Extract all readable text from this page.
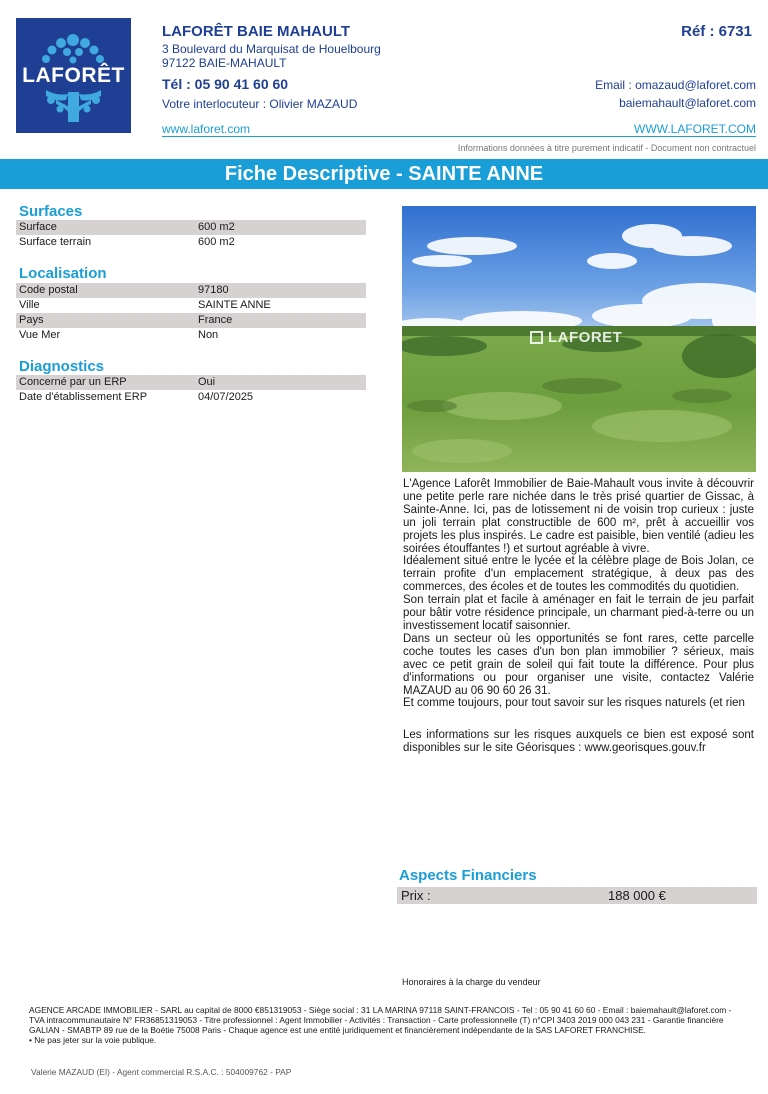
LAFORÊT
LAFORÊT BAIE MAHAULT	Réf : 6731
3 Boulevard du Marquisat de Houelbourg
97122 BAIE-MAHAULT
Tél : 05 90 41 60 60	Email : omazaud@laforet.com
Votre interlocuteur : Olivier MAZAUD	baiemahault@laforet.com
www.laforet.com	WWW.LAFORET.COM
Informations données à titre purement indicatif - Document non contractuel
Fiche Descriptive - SAINTE ANNE
Surfaces
Surface	600 m2
Surface terrain	600 m2
Localisation
Code postal	97180
Ville	SAINTE ANNE
Pays	France
Vue Mer	Non
Diagnostics
Concerné par un ERP	Oui
Date d'établissement ERP	04/07/2025
LAFORET

L'Agence Laforêt Immobilier de Baie-Mahault vous invite à découvrir une petite perle rare nichée dans le très prisé quartier de Gissac, à Sainte-Anne. Ici, pas de lotissement ni de voisin trop curieux : juste un joli terrain plat constructible de 600 m², prêt à accueillir vos projets les plus inspirés. Le cadre est paisible, bien ventilé (adieu les soirées étouffantes !) et surtout agréable à vivre.

Idéalement situé entre le lycée et la célèbre plage de Bois Jolan, ce terrain profite d'un emplacement stratégique, à deux pas des commerces, des écoles et de toutes les commodités du quotidien.

Son terrain plat et facile à aménager en fait le terrain de jeu parfait pour bâtir votre résidence principale, un charmant pied-à-terre ou un investissement locatif saisonnier.

Dans un secteur où les opportunités se font rares, cette parcelle coche toutes les cases d'un bon plan immobilier ? sérieux, mais avec ce petit grain de soleil qui fait toute la différence. Pour plus d'informations ou pour organiser une visite, contactez Valérie MAZAUD au 06 90 60 26 31.

Et comme toujours, pour tout savoir sur les risques naturels (et rien

Les informations sur les risques auxquels ce bien est exposé sont disponibles sur le site Géorisques : www.georisques.gouv.fr
Aspects Financiers
Prix :	188 000 €
Honoraires à la charge du vendeur

AGENCE ARCADE IMMOBILIER - SARL au capital de 8000 €851319053 - Siège social : 31 LA MARINA 97118 SAINT-FRANCOIS - Tel : 05 90 41 60 60 - Email : baiemahault@laforet.com - TVA intracommunautaire N° FR36851319053 - Titre professionnel : Agent Immobilier - Activités : Transaction - Carte professionnelle (T) n°CPI 3403 2019 000 043 231 - Garantie financière GALIAN - SMABTP 89 rue de la Boétie 75008 Paris - Chaque agence est une entité juridiquement et financièrement indépendante de la SAS LAFORET FRANCHISE.

• Ne pas jeter sur la voie publique.

Valerie MAZAUD (EI) - Agent commercial R.S.A.C. : 504009762 - PAP
